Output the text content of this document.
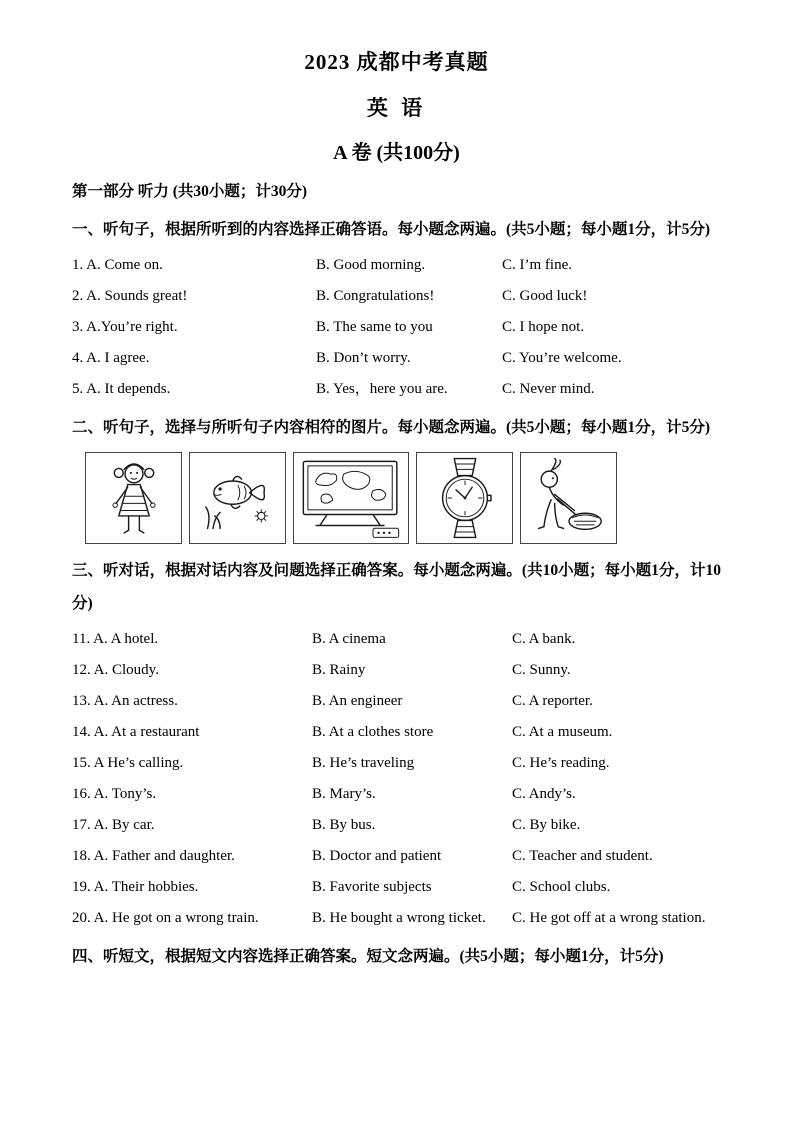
2023 成都中考真题
英 语
A 卷 (共100分)

第一部分 听力 (共30小题；计30分)

一、听句子，根据所听到的内容选择正确答语。每小题念两遍。(共5小题；每小题1分，计5分)

1. A. Come on.	B. Good morning.	C. I’m fine.
2. A. Sounds great!	B. Congratulations!	C. Good luck!
3. A.You’re right.	B. The same to you	C. I hope not.
4. A. I agree.	B. Don’t worry.	C. You’re welcome.
5. A. It depends.	B. Yes，here you are.	C. Never mind.

二、听句子，选择与所听句子内容相符的图片。每小题念两遍。(共5小题；每小题1分，计5分)

三、听对话，根据对话内容及问题选择正确答案。每小题念两遍。(共10小题；每小题1分，计10分)

11. A. A hotel.	B. A cinema	C. A bank.
12. A. Cloudy.	B. Rainy	C. Sunny.
13. A. An actress.	B. An engineer	C. A reporter.
14. A. At a restaurant	B. At a clothes store	C. At a museum.
15. A He’s calling.	B. He’s traveling	C. He’s reading.
16. A. Tony’s.	B. Mary’s.	C. Andy’s.
17. A. By car.	B. By bus.	C. By bike.
18. A. Father and daughter.	B. Doctor and patient	C. Teacher and student.
19. A. Their hobbies.	B. Favorite subjects	C. School clubs.
20. A. He got on a wrong train.	B. He bought a wrong ticket.	C. He got off at a wrong station.

四、听短文，根据短文内容选择正确答案。短文念两遍。(共5小题；每小题1分，计5分)
